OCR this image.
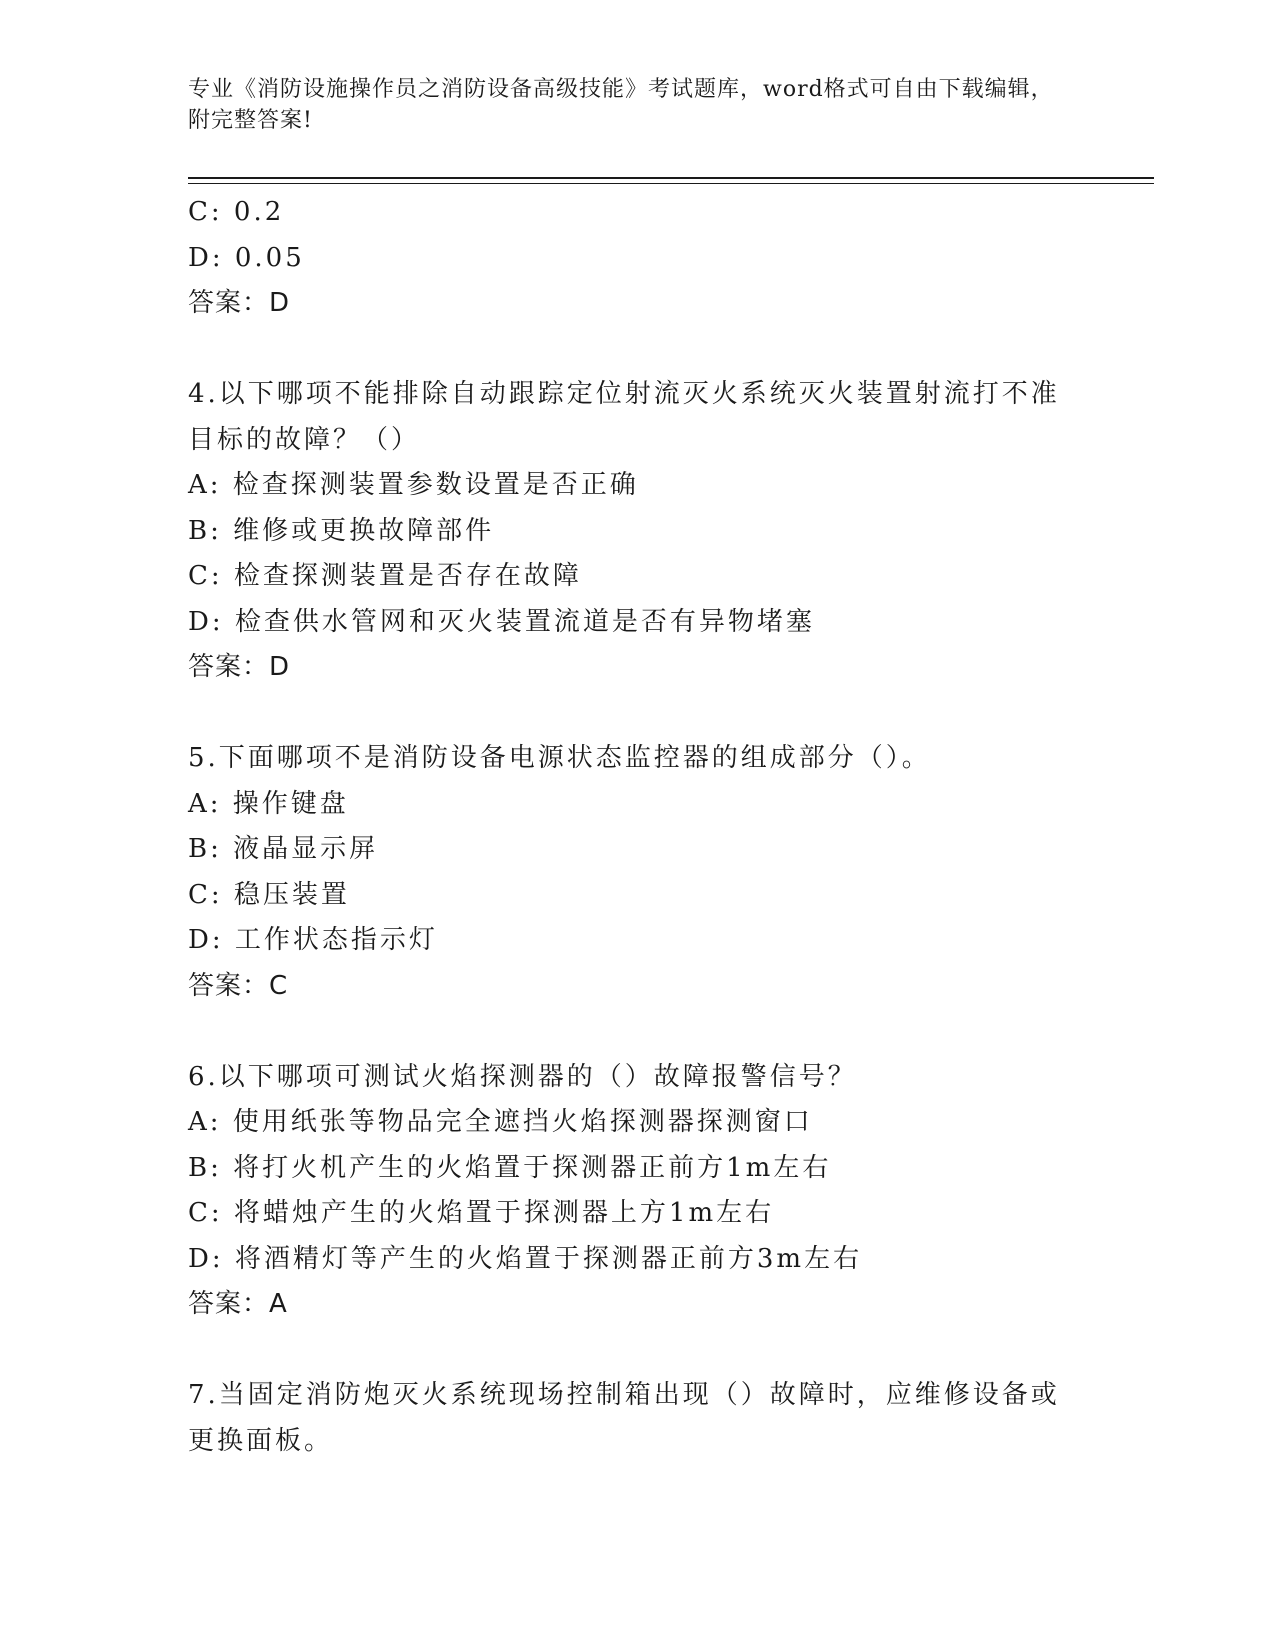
专业《消防设施操作员之消防设备高级技能》考试题库，word格式可自由下载编辑，附完整答案!
C: 0.2
D: 0.05
答案：D
4.以下哪项不能排除自动跟踪定位射流灭火系统灭火装置射流打不准目标的故障？（）
A: 检查探测装置参数设置是否正确
B: 维修或更换故障部件
C: 检查探测装置是否存在故障
D: 检查供水管网和灭火装置流道是否有异物堵塞
答案：D
5.下面哪项不是消防设备电源状态监控器的组成部分（）。
A: 操作键盘
B: 液晶显示屏
C: 稳压装置
D: 工作状态指示灯
答案：C
6.以下哪项可测试火焰探测器的（）故障报警信号？
A: 使用纸张等物品完全遮挡火焰探测器探测窗口
B: 将打火机产生的火焰置于探测器正前方1m左右
C: 将蜡烛产生的火焰置于探测器上方1m左右
D: 将酒精灯等产生的火焰置于探测器正前方3m左右
答案：A
7.当固定消防炮灭火系统现场控制箱出现（）故障时，应维修设备或更换面板。
